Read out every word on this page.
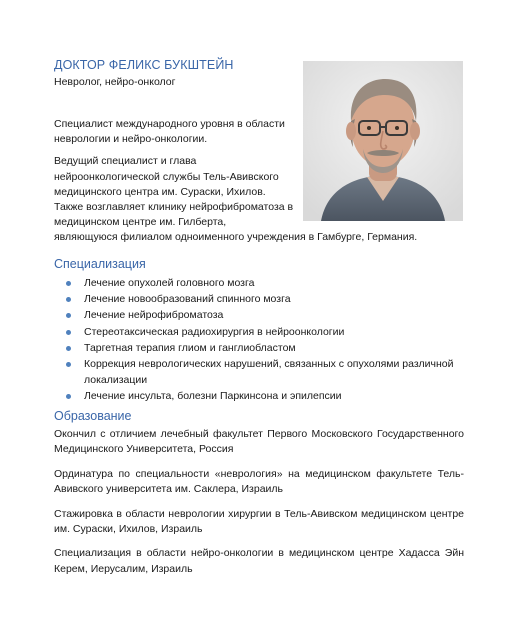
ДОКТОР ФЕЛИКС БУКШТЕЙН
Невролог, нейро-онколог

Специалист международного уровня в области неврологии и нейро-онкологии.

Ведущий специалист и глава нейроонкологической службы Тель-Авивского медицинского центра им. Сураски, Ихилов. Также возглавляет клинику нейрофиброматоза в медицинском центре им. Гилберта,
являющуюся филиалом одноименного учреждения в Гамбурге, Германия.

Специализация
Лечение опухолей головного мозга
Лечение новообразований спинного мозга
Лечение нейрофиброматоза
Стереотаксическая радиохирургия в нейроонкологии
Таргетная терапия глиом и ганглиобластом
Коррекция неврологических нарушений, связанных с опухолями различной локализации
Лечение инсульта, болезни Паркинсона и эпилепсии
Образование

Окончил с отличием лечебный факультет Первого Московского Государственного Медицинского Университета, Россия

Ординатура по специальности «неврология» на медицинском факультете Тель-Авивского университета им. Саклера, Израиль

Стажировка в области неврологии хирургии в Тель-Авивском медицинском центре им. Сураски, Ихилов, Израиль

Специализация в области нейро-онкологии в медицинском центре Хадасса Эйн Керем, Иерусалим, Израиль
